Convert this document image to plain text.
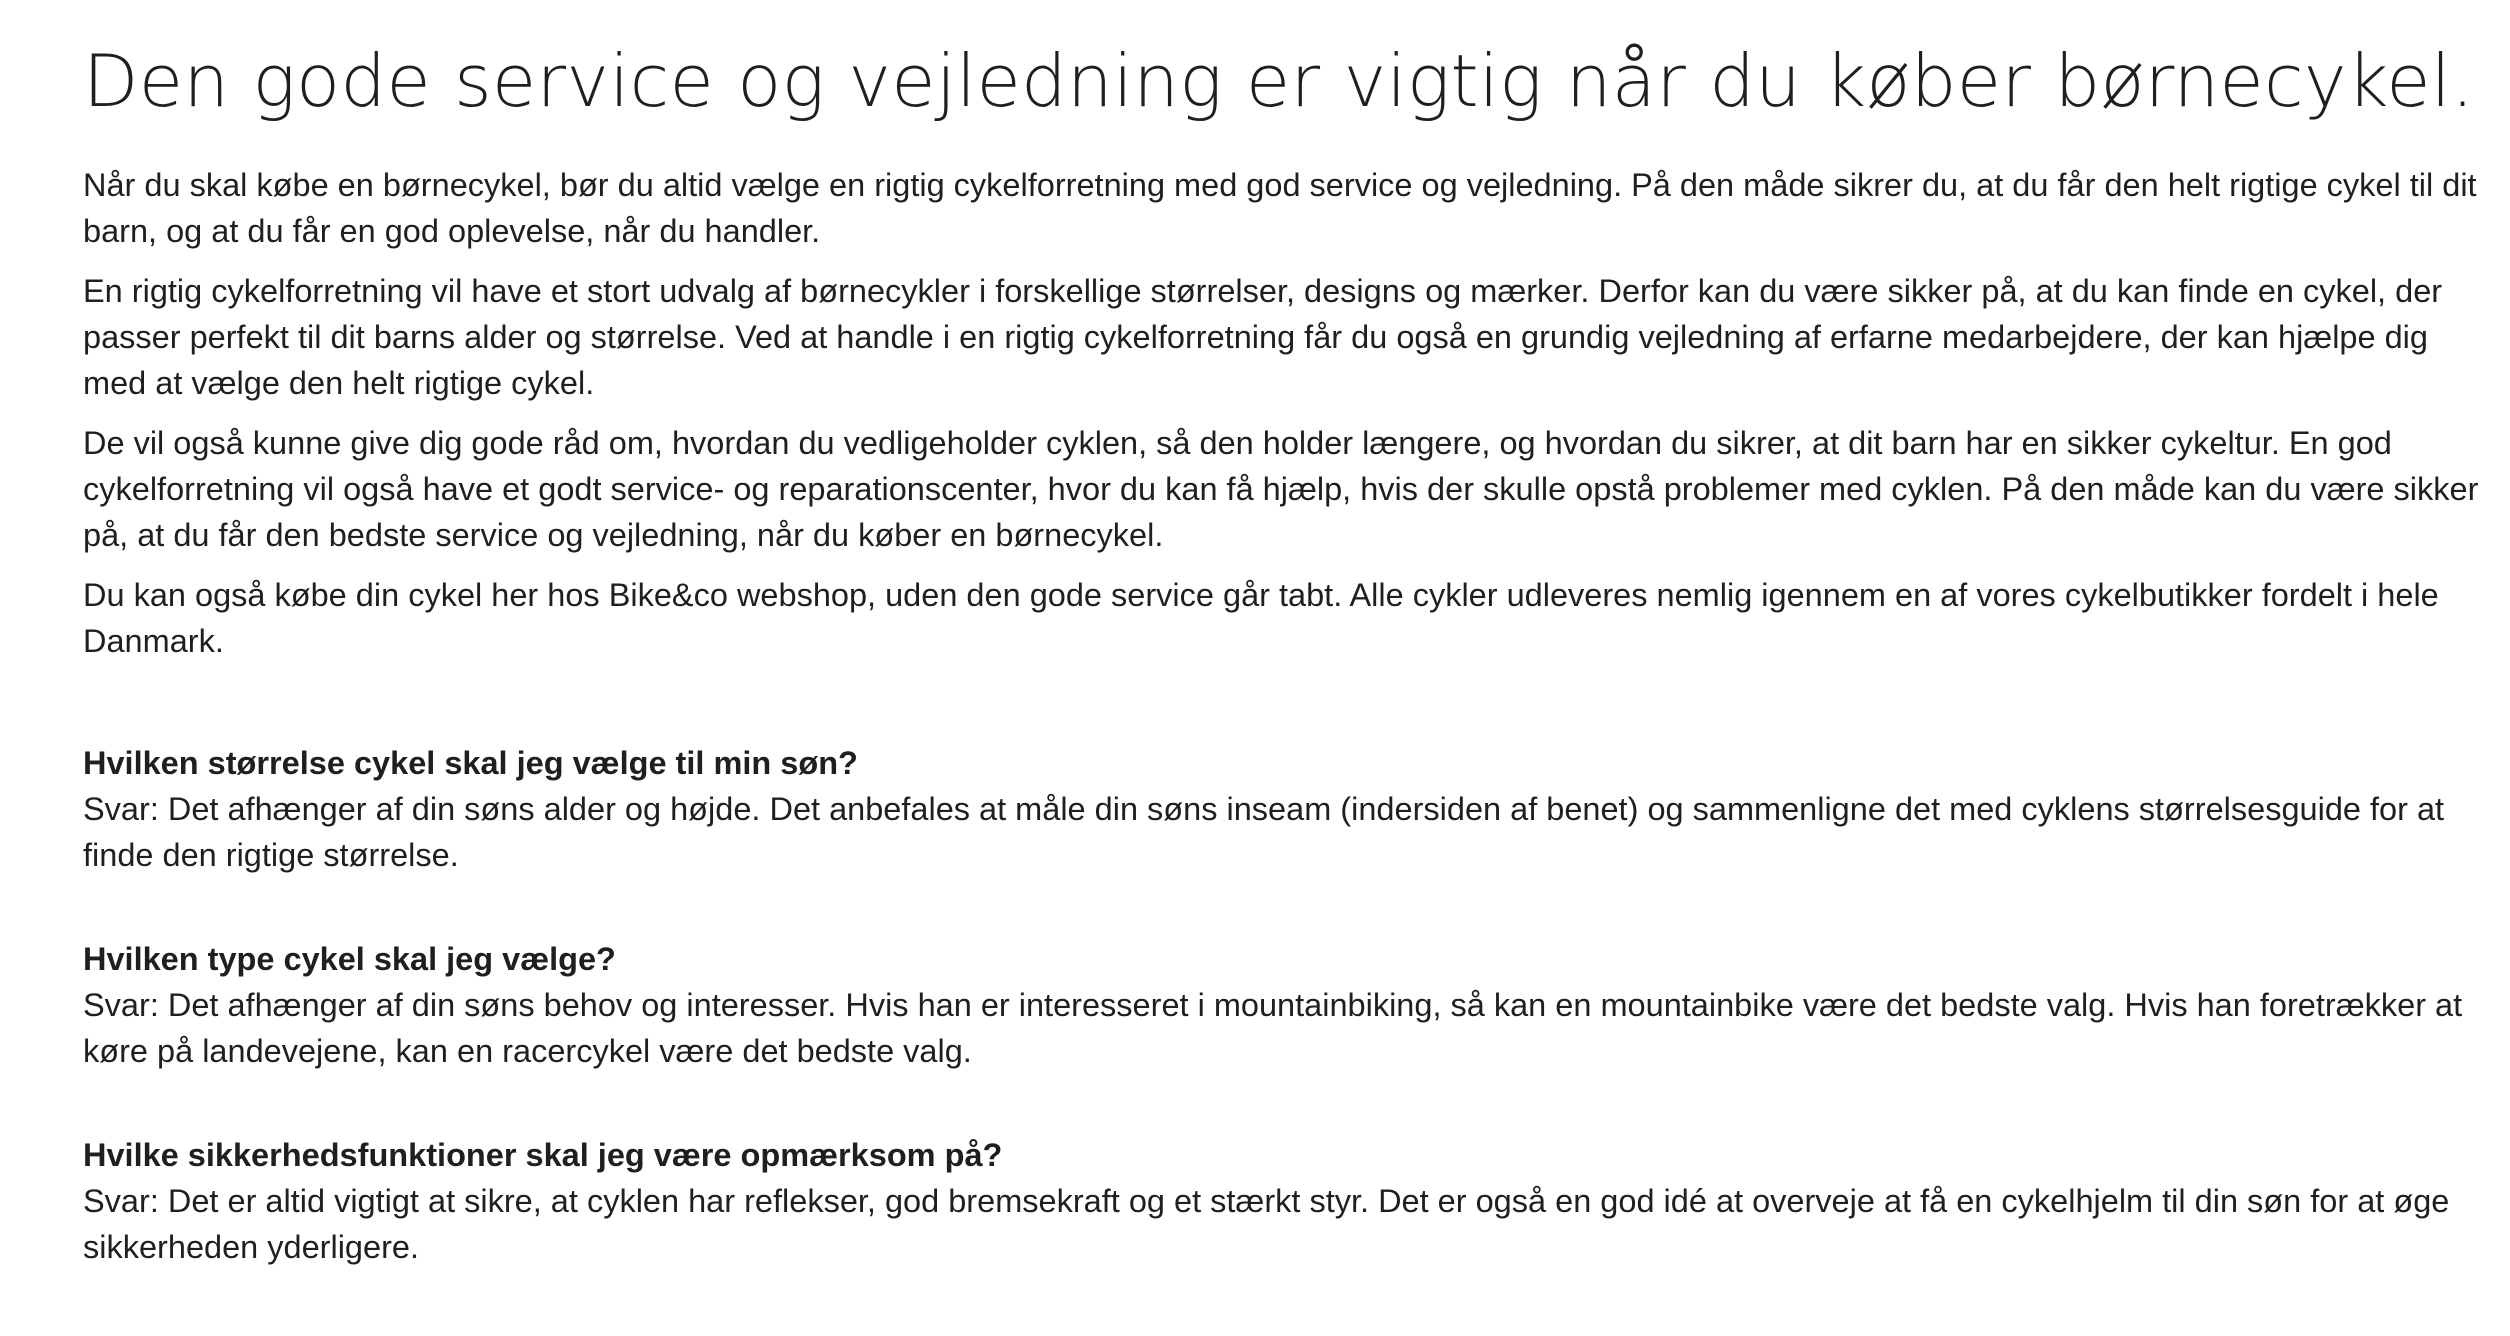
Den gode service og vejledning er vigtig når du køber børnecykel.

Når du skal købe en børnecykel, bør du altid vælge en rigtig cykelforretning med god service og vejledning. På den måde sikrer du, at du får den helt rigtige cykel til dit barn, og at du får en god oplevelse, når du handler.

En rigtig cykelforretning vil have et stort udvalg af børnecykler i forskellige størrelser, designs og mærker. Derfor kan du være sikker på, at du kan finde en cykel, der passer perfekt til dit barns alder og størrelse. Ved at handle i en rigtig cykelforretning får du også en grundig vejledning af erfarne medarbejdere, der kan hjælpe dig med at vælge den helt rigtige cykel.

De vil også kunne give dig gode råd om, hvordan du vedligeholder cyklen, så den holder længere, og hvordan du sikrer, at dit barn har en sikker cykeltur. En god cykelforretning vil også have et godt service- og reparationscenter, hvor du kan få hjælp, hvis der skulle opstå problemer med cyklen. På den måde kan du være sikker på, at du får den bedste service og vejledning, når du køber en børnecykel.

Du kan også købe din cykel her hos Bike&co webshop, uden den gode service går tabt. Alle cykler udleveres nemlig igennem en af vores cykelbutikker fordelt i hele Danmark.

Hvilken størrelse cykel skal jeg vælge til min søn?
Svar: Det afhænger af din søns alder og højde. Det anbefales at måle din søns inseam (indersiden af benet) og sammenligne det med cyklens størrelsesguide for at finde den rigtige størrelse.
Hvilken type cykel skal jeg vælge?
Svar: Det afhænger af din søns behov og interesser. Hvis han er interesseret i mountainbiking, så kan en mountainbike være det bedste valg. Hvis han foretrækker at køre på landevejene, kan en racercykel være det bedste valg.
Hvilke sikkerhedsfunktioner skal jeg være opmærksom på?
Svar: Det er altid vigtigt at sikre, at cyklen har reflekser, god bremsekraft og et stærkt styr. Det er også en god idé at overveje at få en cykelhjelm til din søn for at øge sikkerheden yderligere.
